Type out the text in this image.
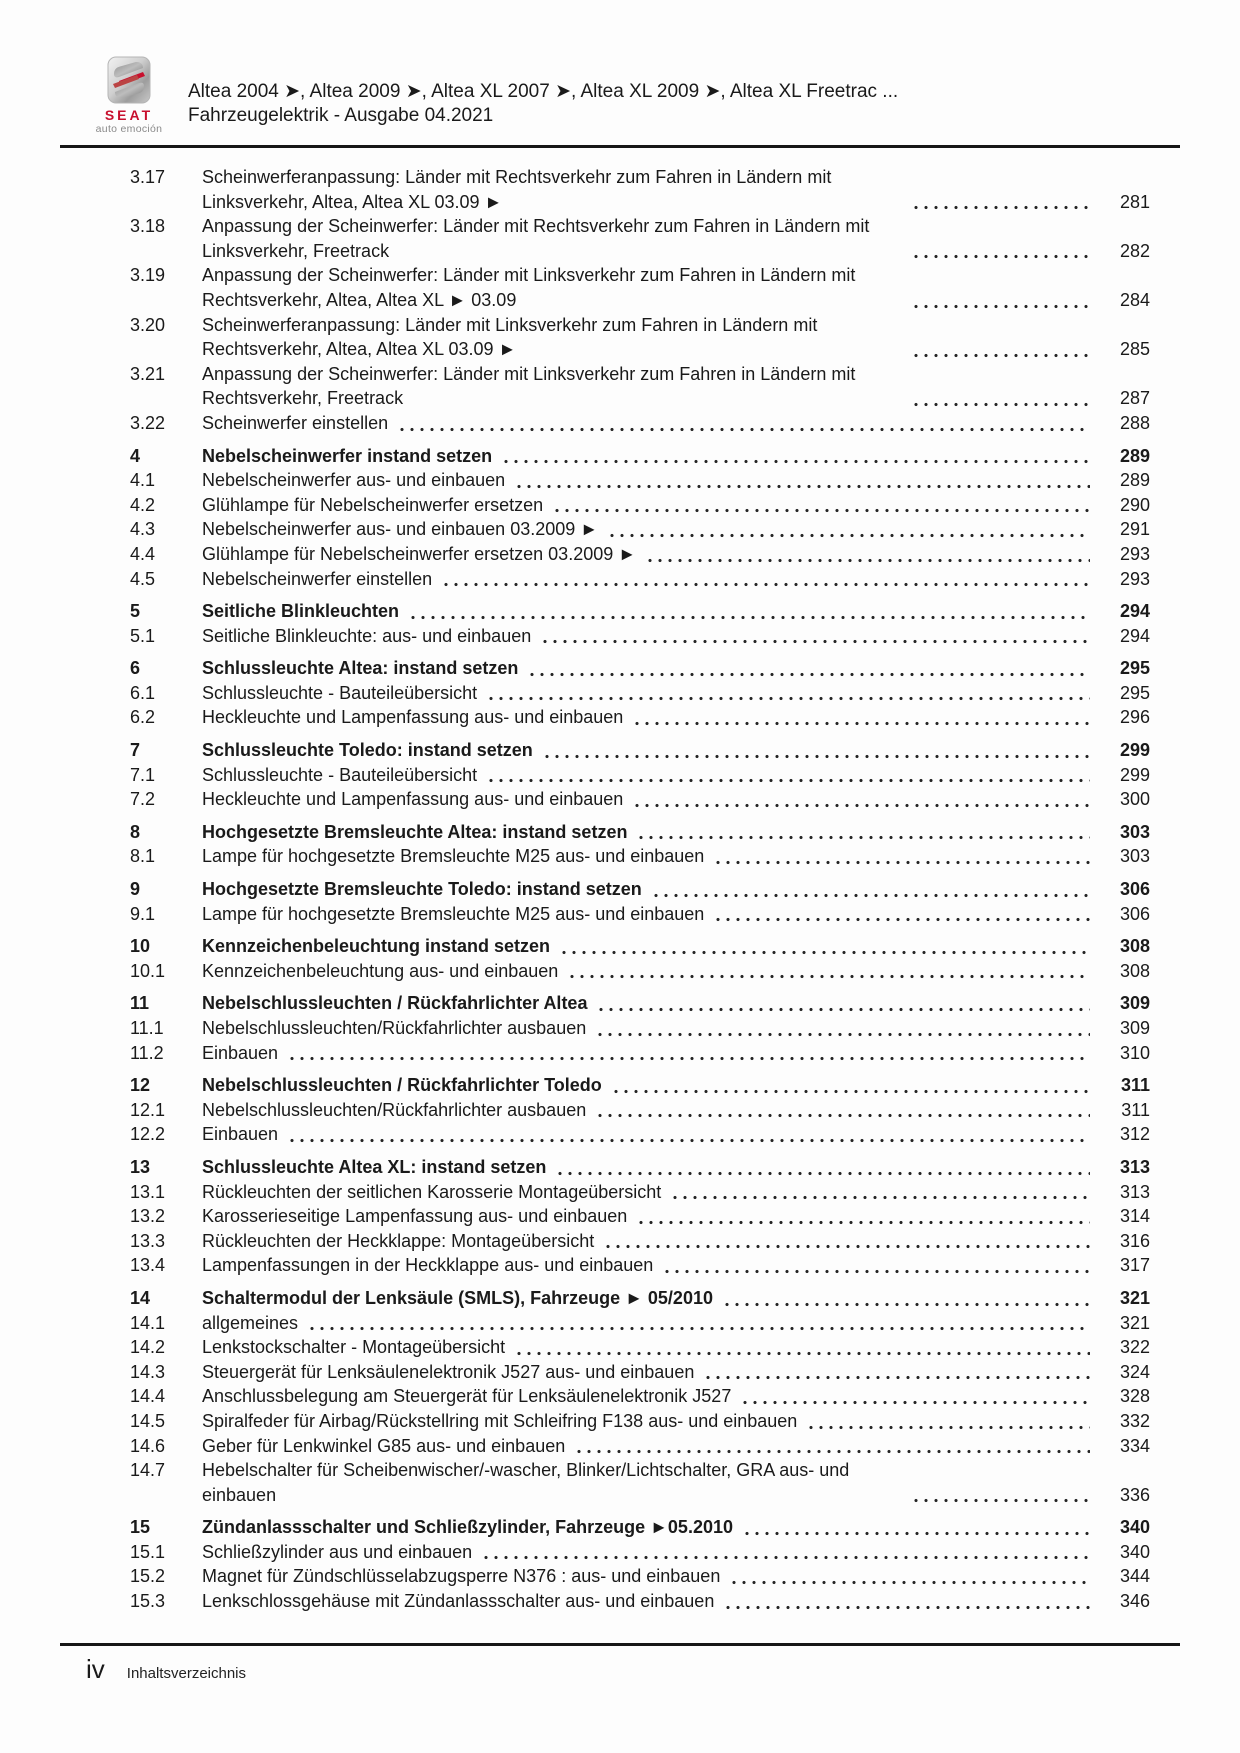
SEAT
auto emoción
Altea 2004 ➤, Altea 2009 ➤, Altea XL 2007 ➤, Altea XL 2009 ➤, Altea XL Freetrac ...
Fahrzeugelektrik - Ausgabe 04.2021
3.17	Scheinwerferanpassung: Länder mit Rechtsverkehr zum Fahren in Ländern mit Linksverkehr, Altea, Altea XL 03.09 ►	281
3.18	Anpassung der Scheinwerfer: Länder mit Rechtsverkehr zum Fahren in Ländern mit Linksverkehr, Freetrack	282
3.19	Anpassung der Scheinwerfer: Länder mit Linksverkehr zum Fahren in Ländern mit Rechtsverkehr, Altea, Altea XL ► 03.09	284
3.20	Scheinwerferanpassung: Länder mit Linksverkehr zum Fahren in Ländern mit Rechtsverkehr, Altea, Altea XL 03.09 ►	285
3.21	Anpassung der Scheinwerfer: Länder mit Linksverkehr zum Fahren in Ländern mit Rechtsverkehr, Freetrack	287
3.22	Scheinwerfer einstellen	288
4	Nebelscheinwerfer instand setzen	289
4.1	Nebelscheinwerfer aus- und einbauen	289
4.2	Glühlampe für Nebelscheinwerfer ersetzen	290
4.3	Nebelscheinwerfer aus- und einbauen 03.2009 ►	291
4.4	Glühlampe für Nebelscheinwerfer ersetzen 03.2009 ►	293
4.5	Nebelscheinwerfer einstellen	293
5	Seitliche Blinkleuchten	294
5.1	Seitliche Blinkleuchte: aus- und einbauen	294
6	Schlussleuchte Altea: instand setzen	295
6.1	Schlussleuchte - Bauteileübersicht	295
6.2	Heckleuchte und Lampenfassung aus- und einbauen	296
7	Schlussleuchte Toledo: instand setzen	299
7.1	Schlussleuchte - Bauteileübersicht	299
7.2	Heckleuchte und Lampenfassung aus- und einbauen	300
8	Hochgesetzte Bremsleuchte Altea: instand setzen	303
8.1	Lampe für hochgesetzte Bremsleuchte M25 aus- und einbauen	303
9	Hochgesetzte Bremsleuchte Toledo: instand setzen	306
9.1	Lampe für hochgesetzte Bremsleuchte M25 aus- und einbauen	306
10	Kennzeichenbeleuchtung instand setzen	308
10.1	Kennzeichenbeleuchtung aus- und einbauen	308
11	Nebelschlussleuchten / Rückfahrlichter Altea	309
11.1	Nebelschlussleuchten/Rückfahrlichter ausbauen	309
11.2	Einbauen	310
12	Nebelschlussleuchten / Rückfahrlichter Toledo	311
12.1	Nebelschlussleuchten/Rückfahrlichter ausbauen	311
12.2	Einbauen	312
13	Schlussleuchte Altea XL: instand setzen	313
13.1	Rückleuchten der seitlichen Karosserie Montageübersicht	313
13.2	Karosserieseitige Lampenfassung aus- und einbauen	314
13.3	Rückleuchten der Heckklappe: Montageübersicht	316
13.4	Lampenfassungen in der Heckklappe aus- und einbauen	317
14	Schaltermodul der Lenksäule (SMLS), Fahrzeuge ► 05/2010	321
14.1	allgemeines	321
14.2	Lenkstockschalter - Montageübersicht	322
14.3	Steuergerät für Lenksäulenelektronik J527 aus- und einbauen	324
14.4	Anschlussbelegung am Steuergerät für Lenksäulenelektronik J527	328
14.5	Spiralfeder für Airbag/Rückstellring mit Schleifring F138 aus- und einbauen	332
14.6	Geber für Lenkwinkel G85 aus- und einbauen	334
14.7	Hebelschalter für Scheibenwischer/-wascher, Blinker/Lichtschalter, GRA aus- und einbauen	336
15	Zündanlassschalter und Schließzylinder, Fahrzeuge ►05.2010	340
15.1	Schließzylinder aus und einbauen	340
15.2	Magnet für Zündschlüsselabzugsperre N376 : aus- und einbauen	344
15.3	Lenkschlossgehäuse mit Zündanlassschalter aus- und einbauen	346
iv Inhaltsverzeichnis
